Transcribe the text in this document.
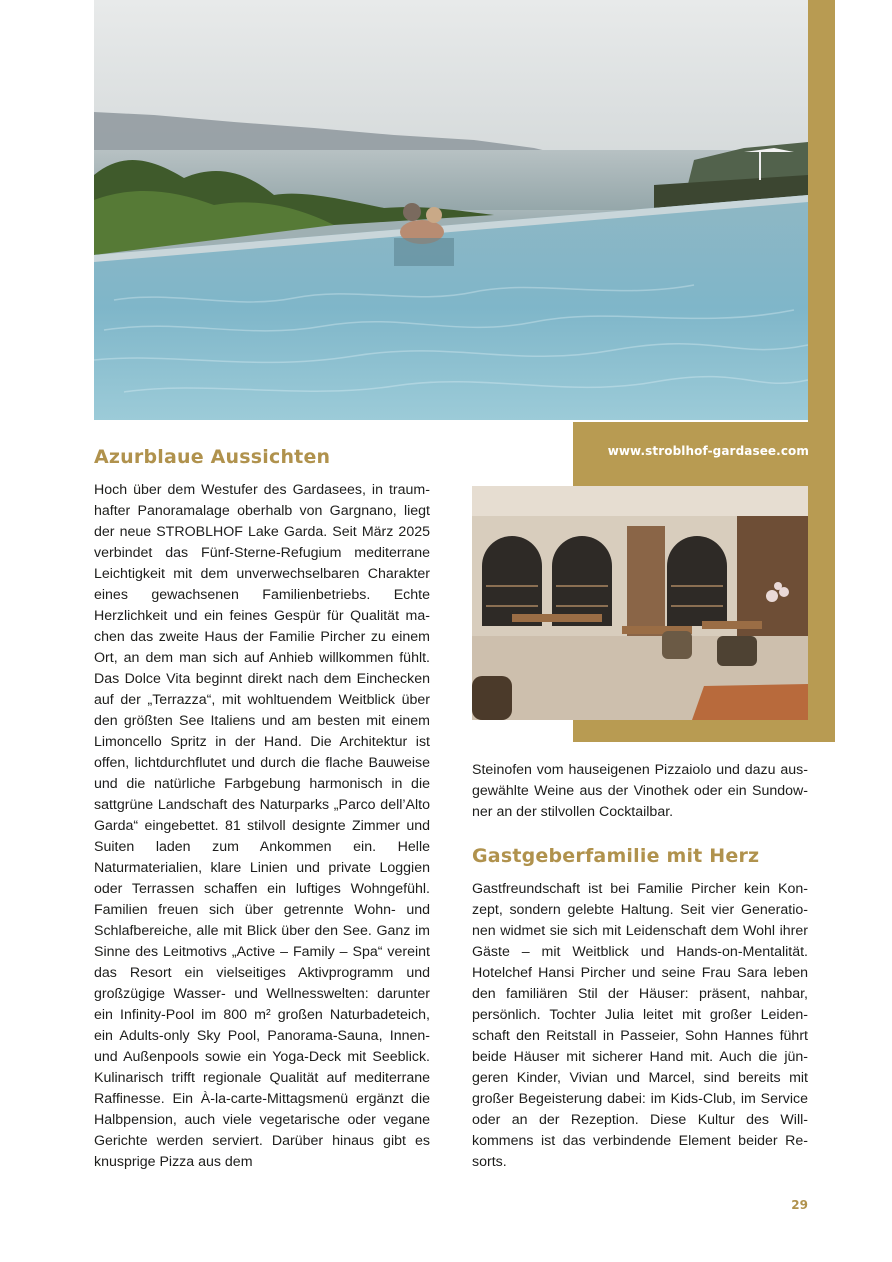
www.stroblhof-gardasee.com
Azurblaue Aussichten

Hoch über dem Westufer des Gardasees, in traumhafter Panoramalage oberhalb von Gargnano, liegt der neue STROBLHOF Lake Garda. Seit März 2025 verbindet das Fünf-Sterne-Refugium mediterrane Leichtigkeit mit dem unverwechselbaren Charakter eines gewachsenen Familienbetriebs. Echte Herzlichkeit und ein feines Gespür für Qualität machen das zweite Haus der Familie Pircher zu einem Ort, an dem man sich auf Anhieb willkommen fühlt. Das Dolce Vita beginnt direkt nach dem Einchecken auf der „Terrazza“, mit wohltuendem Weitblick über den größten See Italiens und am besten mit einem Limoncello Spritz in der Hand. Die Architektur ist offen, lichtdurchflutet und durch die flache Bauweise und die natürliche Farbgebung harmonisch in die sattgrüne Landschaft des Naturparks „Parco dell’Alto Garda“ eingebettet. 81 stilvoll designte Zimmer und Suiten laden zum Ankommen ein. Helle Naturmaterialien, klare Linien und private Loggien oder Terrassen schaffen ein luftiges Wohngefühl. Familien freuen sich über getrennte Wohn- und Schlafbereiche, alle mit Blick über den See. Ganz im Sinne des Leitmotivs „Active – Family – Spa“ vereint das Resort ein vielseitiges Aktivprogramm und großzügige Wasser- und Wellnesswelten: darunter ein Infinity-Pool im 800 m² großen Naturbadeteich, ein Adults-only Sky Pool, Panorama-Sauna, Innen- und Außenpools sowie ein Yoga-Deck mit Seeblick. Kulinarisch trifft regionale Qualität auf mediterrane Raffinesse. Ein À-la-carte-Mittagsmenü ergänzt die Halbpension, auch viele vegetarische oder vegane Gerichte werden serviert. Darüber hinaus gibt es knusprige Pizza aus dem

Steinofen vom hauseigenen Pizzaiolo und dazu ausgewählte Weine aus der Vinothek oder ein Sundowner an der stilvollen Cocktailbar.

Gastgeberfamilie mit Herz

Gastfreundschaft ist bei Familie Pircher kein Konzept, sondern gelebte Haltung. Seit vier Generationen widmet sie sich mit Leidenschaft dem Wohl ihrer Gäste – mit Weitblick und Hands-on-Mentalität. Hotelchef Hansi Pircher und seine Frau Sara leben den familiären Stil der Häuser: präsent, nahbar, persönlich. Tochter Julia leitet mit großer Leidenschaft den Reitstall in Passeier, Sohn Hannes führt beide Häuser mit sicherer Hand mit. Auch die jüngeren Kinder, Vivian und Marcel, sind bereits mit großer Begeisterung dabei: im Kids-Club, im Service oder an der Rezeption. Diese Kultur des Willkommens ist das verbindende Element beider Resorts.

29
